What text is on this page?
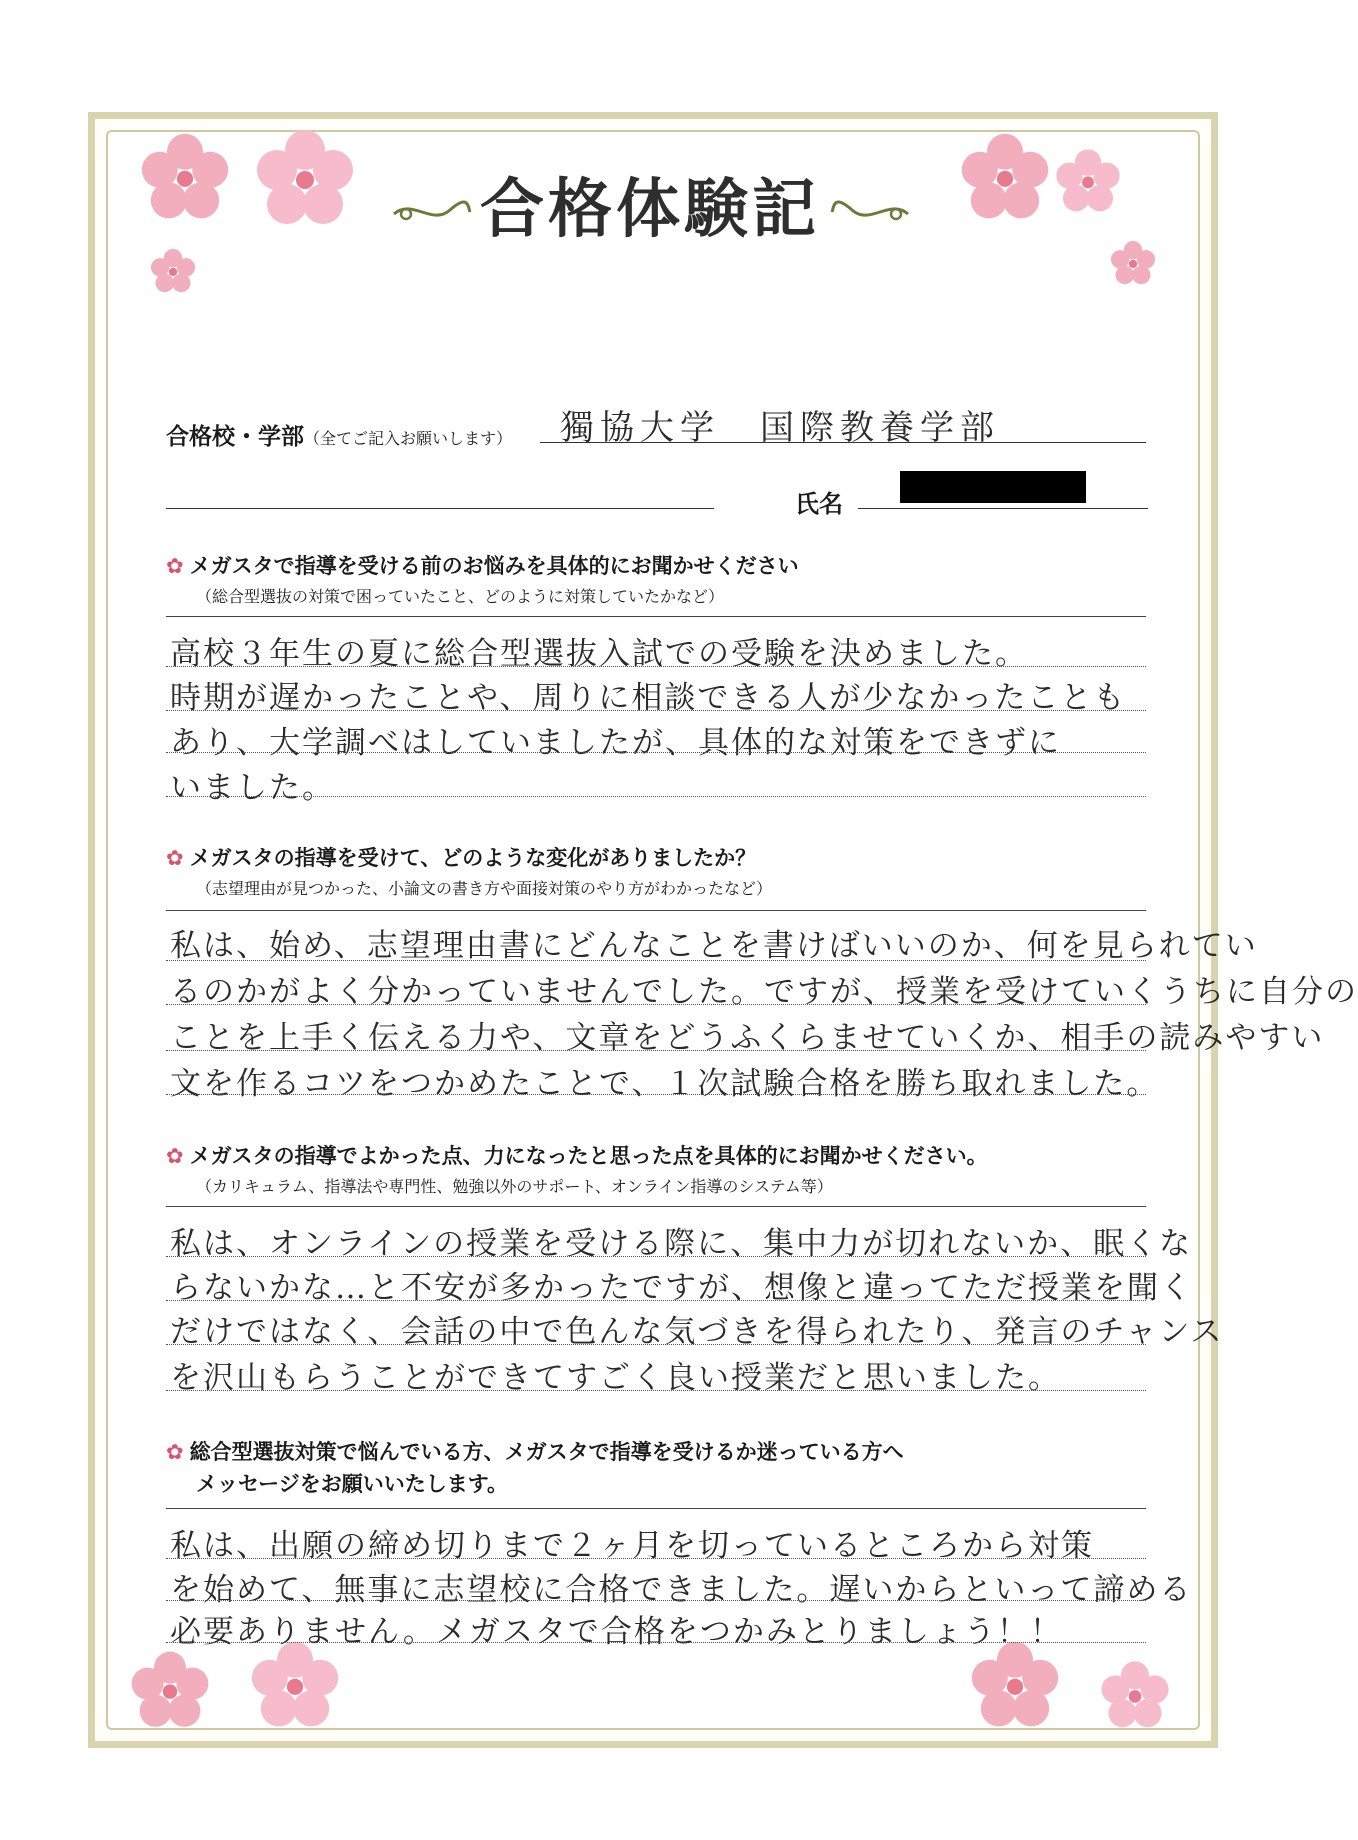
合格体験記
合格校・学部（全てご記入お願いします） 獨協大学　国際教養学部
氏名
✿ メガスタで指導を受ける前のお悩みを具体的にお聞かせください
（総合型選抜の対策で困っていたこと、どのように対策していたかなど）
高校３年生の夏に総合型選抜入試での受験を決めました。
時期が遅かったことや、周りに相談できる人が少なかったことも
あり、大学調べはしていましたが、具体的な対策をできずに
いました。
✿ メガスタの指導を受けて、どのような変化がありましたか？
（志望理由が見つかった、小論文の書き方や面接対策のやり方がわかったなど）
私は、始め、志望理由書にどんなことを書けばいいのか、何を見られてい
るのかがよく分かっていませんでした。ですが、授業を受けていくうちに自分の
ことを上手く伝える力や、文章をどうふくらませていくか、相手の読みやすい
文を作るコツをつかめたことで、１次試験合格を勝ち取れました。
✿ メガスタの指導でよかった点、力になったと思った点を具体的にお聞かせください。
（カリキュラム、指導法や専門性、勉強以外のサポート、オンライン指導のシステム等）
私は、オンラインの授業を受ける際に、集中力が切れないか、眠くな
らないかな…と不安が多かったですが、想像と違ってただ授業を聞く
だけではなく、会話の中で色んな気づきを得られたり、発言のチャンス
を沢山もらうことができてすごく良い授業だと思いました。
✿ 総合型選抜対策で悩んでいる方、メガスタで指導を受けるか迷っている方へ
メッセージをお願いいたします。
私は、出願の締め切りまで２ヶ月を切っているところから対策
を始めて、無事に志望校に合格できました。遅いからといって諦める
必要ありません。メガスタで合格をつかみとりましょう！！
